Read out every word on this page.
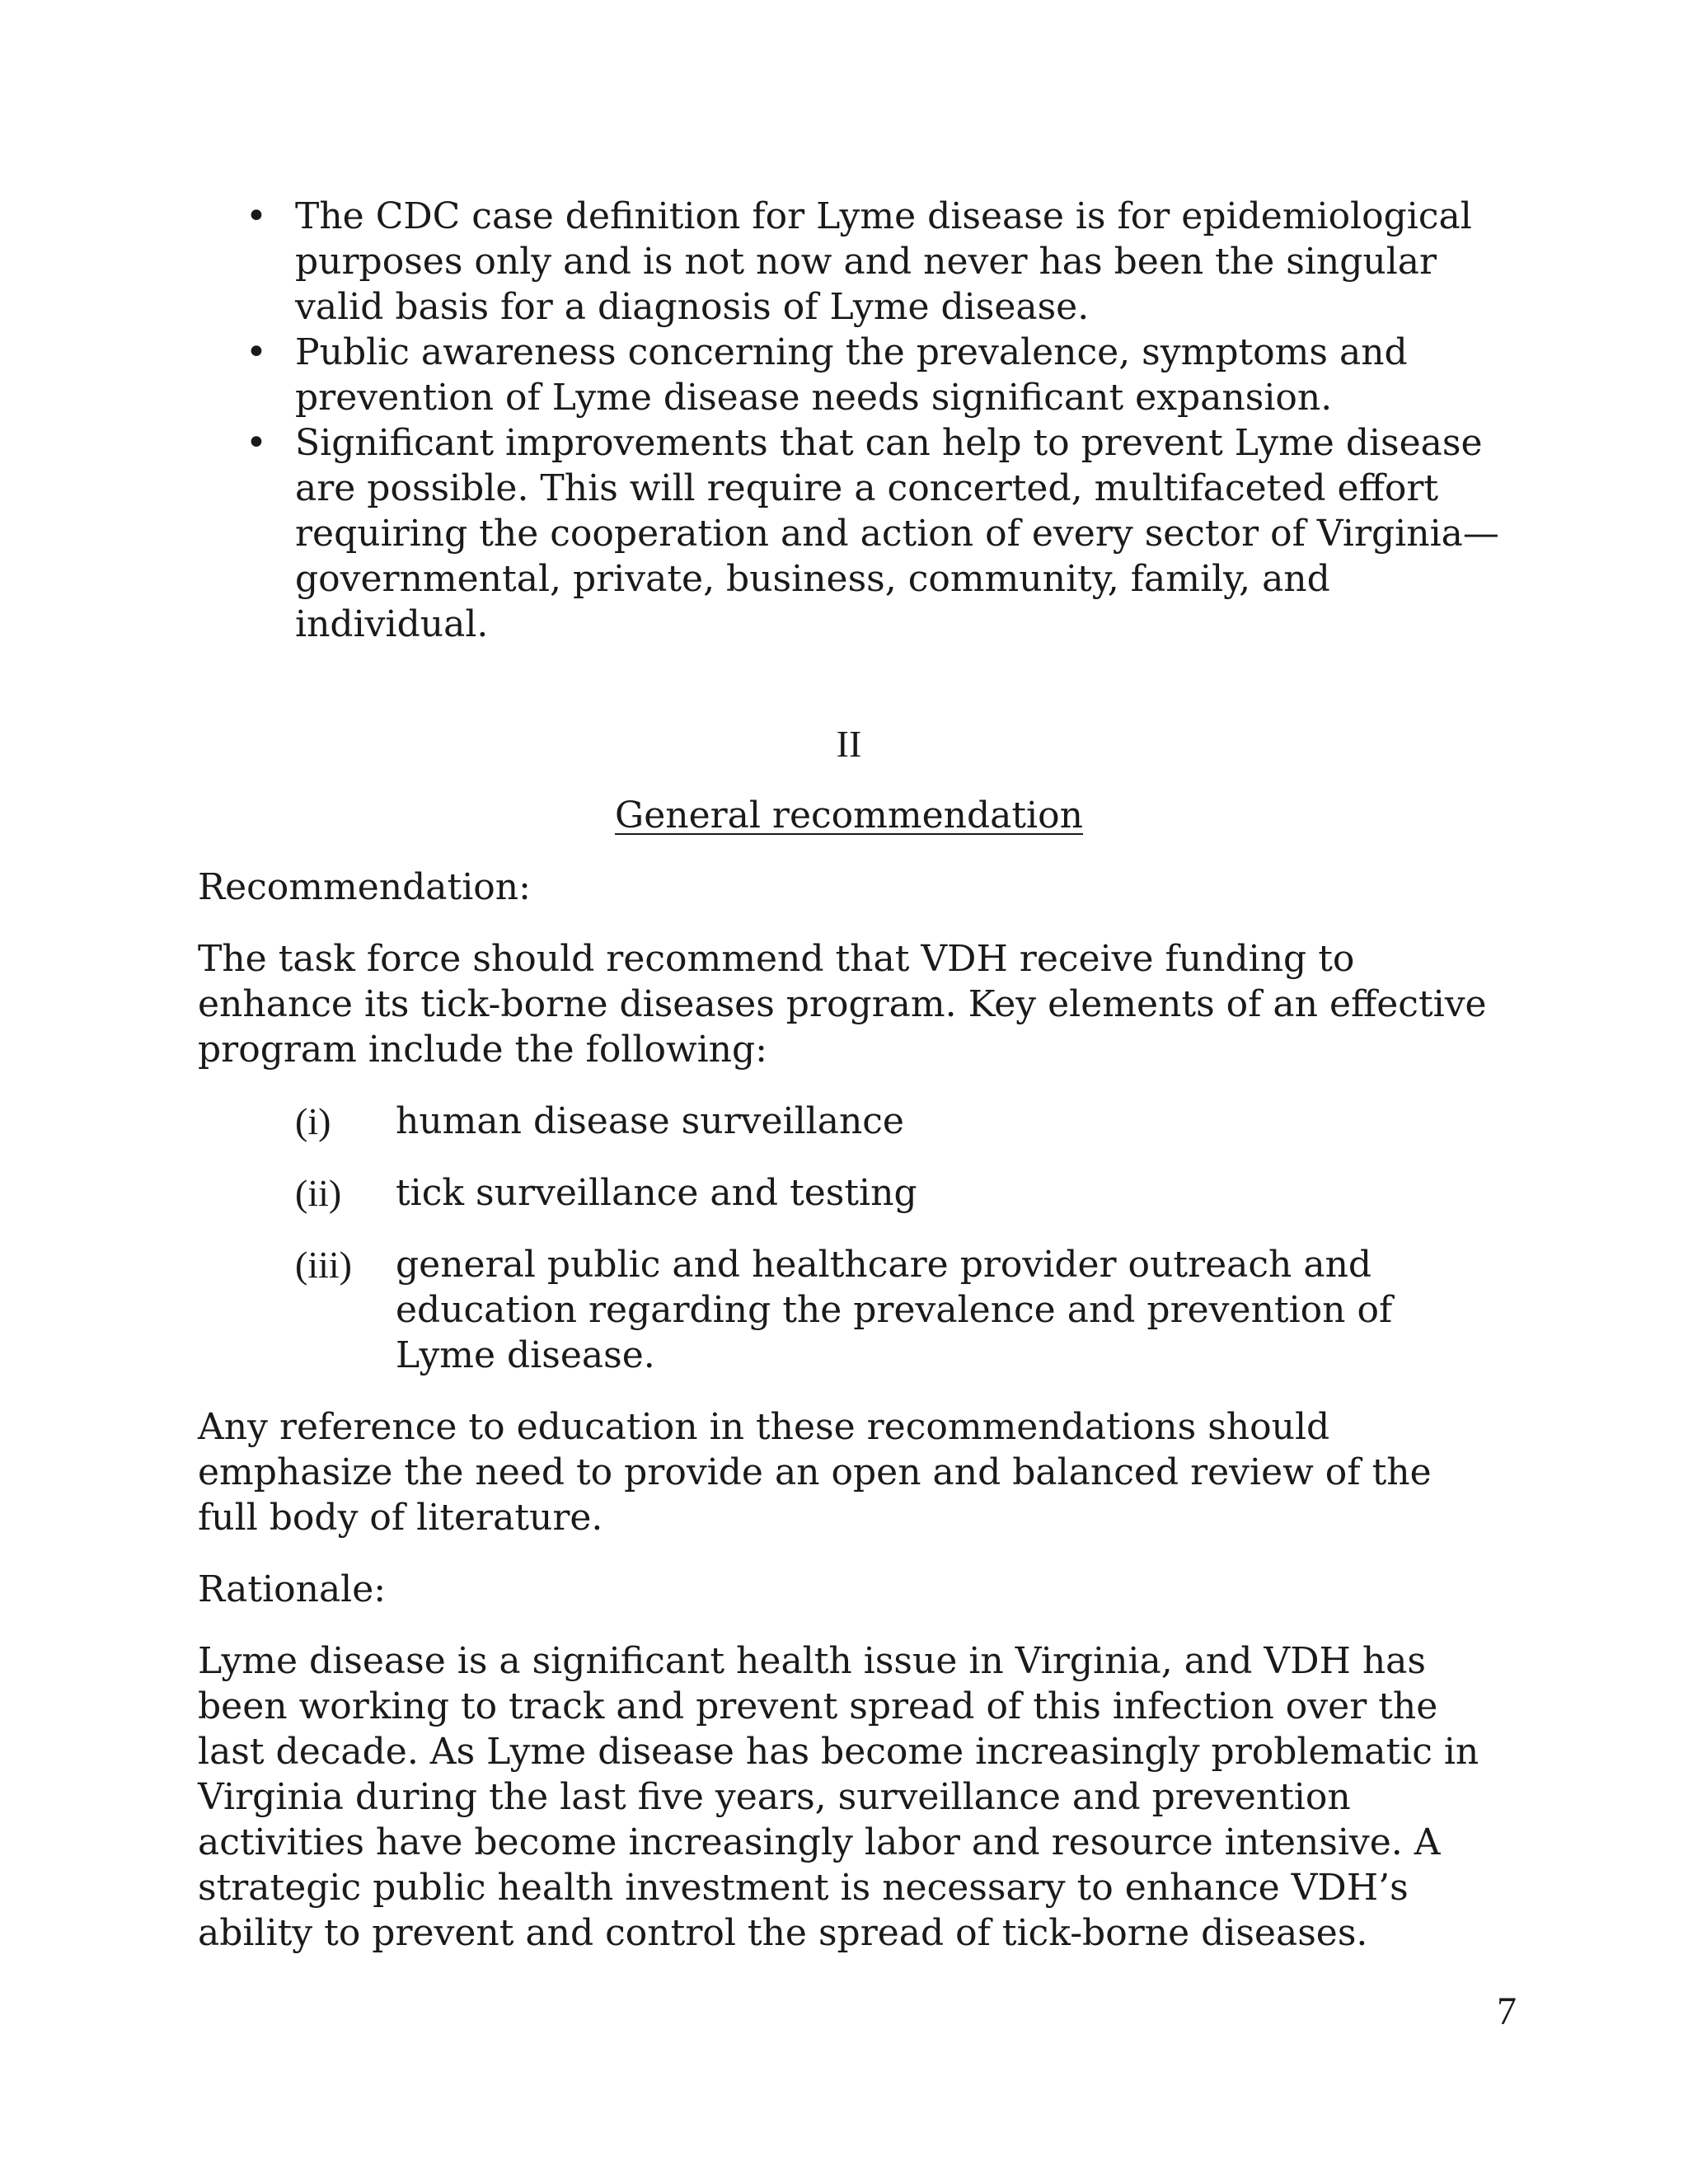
• The CDC case definition for Lyme disease is for epidemiological purposes only and is not now and never has been the singular valid basis for a diagnosis of Lyme disease.
• Public awareness concerning the prevalence, symptoms and prevention of Lyme disease needs significant expansion.
• Significant improvements that can help to prevent Lyme disease are possible. This will require a concerted, multifaceted effort requiring the cooperation and action of every sector of Virginia—governmental, private, business, community, family, and individual.
II
General recommendation
Recommendation:
The task force should recommend that VDH receive funding to enhance its tick-borne diseases program. Key elements of an effective program include the following:
(i) human disease surveillance
(ii) tick surveillance and testing
(iii) general public and healthcare provider outreach and education regarding the prevalence and prevention of Lyme disease.
Any reference to education in these recommendations should emphasize the need to provide an open and balanced review of the full body of literature.
Rationale:
Lyme disease is a significant health issue in Virginia, and VDH has been working to track and prevent spread of this infection over the last decade. As Lyme disease has become increasingly problematic in Virginia during the last five years, surveillance and prevention activities have become increasingly labor and resource intensive. A strategic public health investment is necessary to enhance VDH’s ability to prevent and control the spread of tick-borne diseases.
7
